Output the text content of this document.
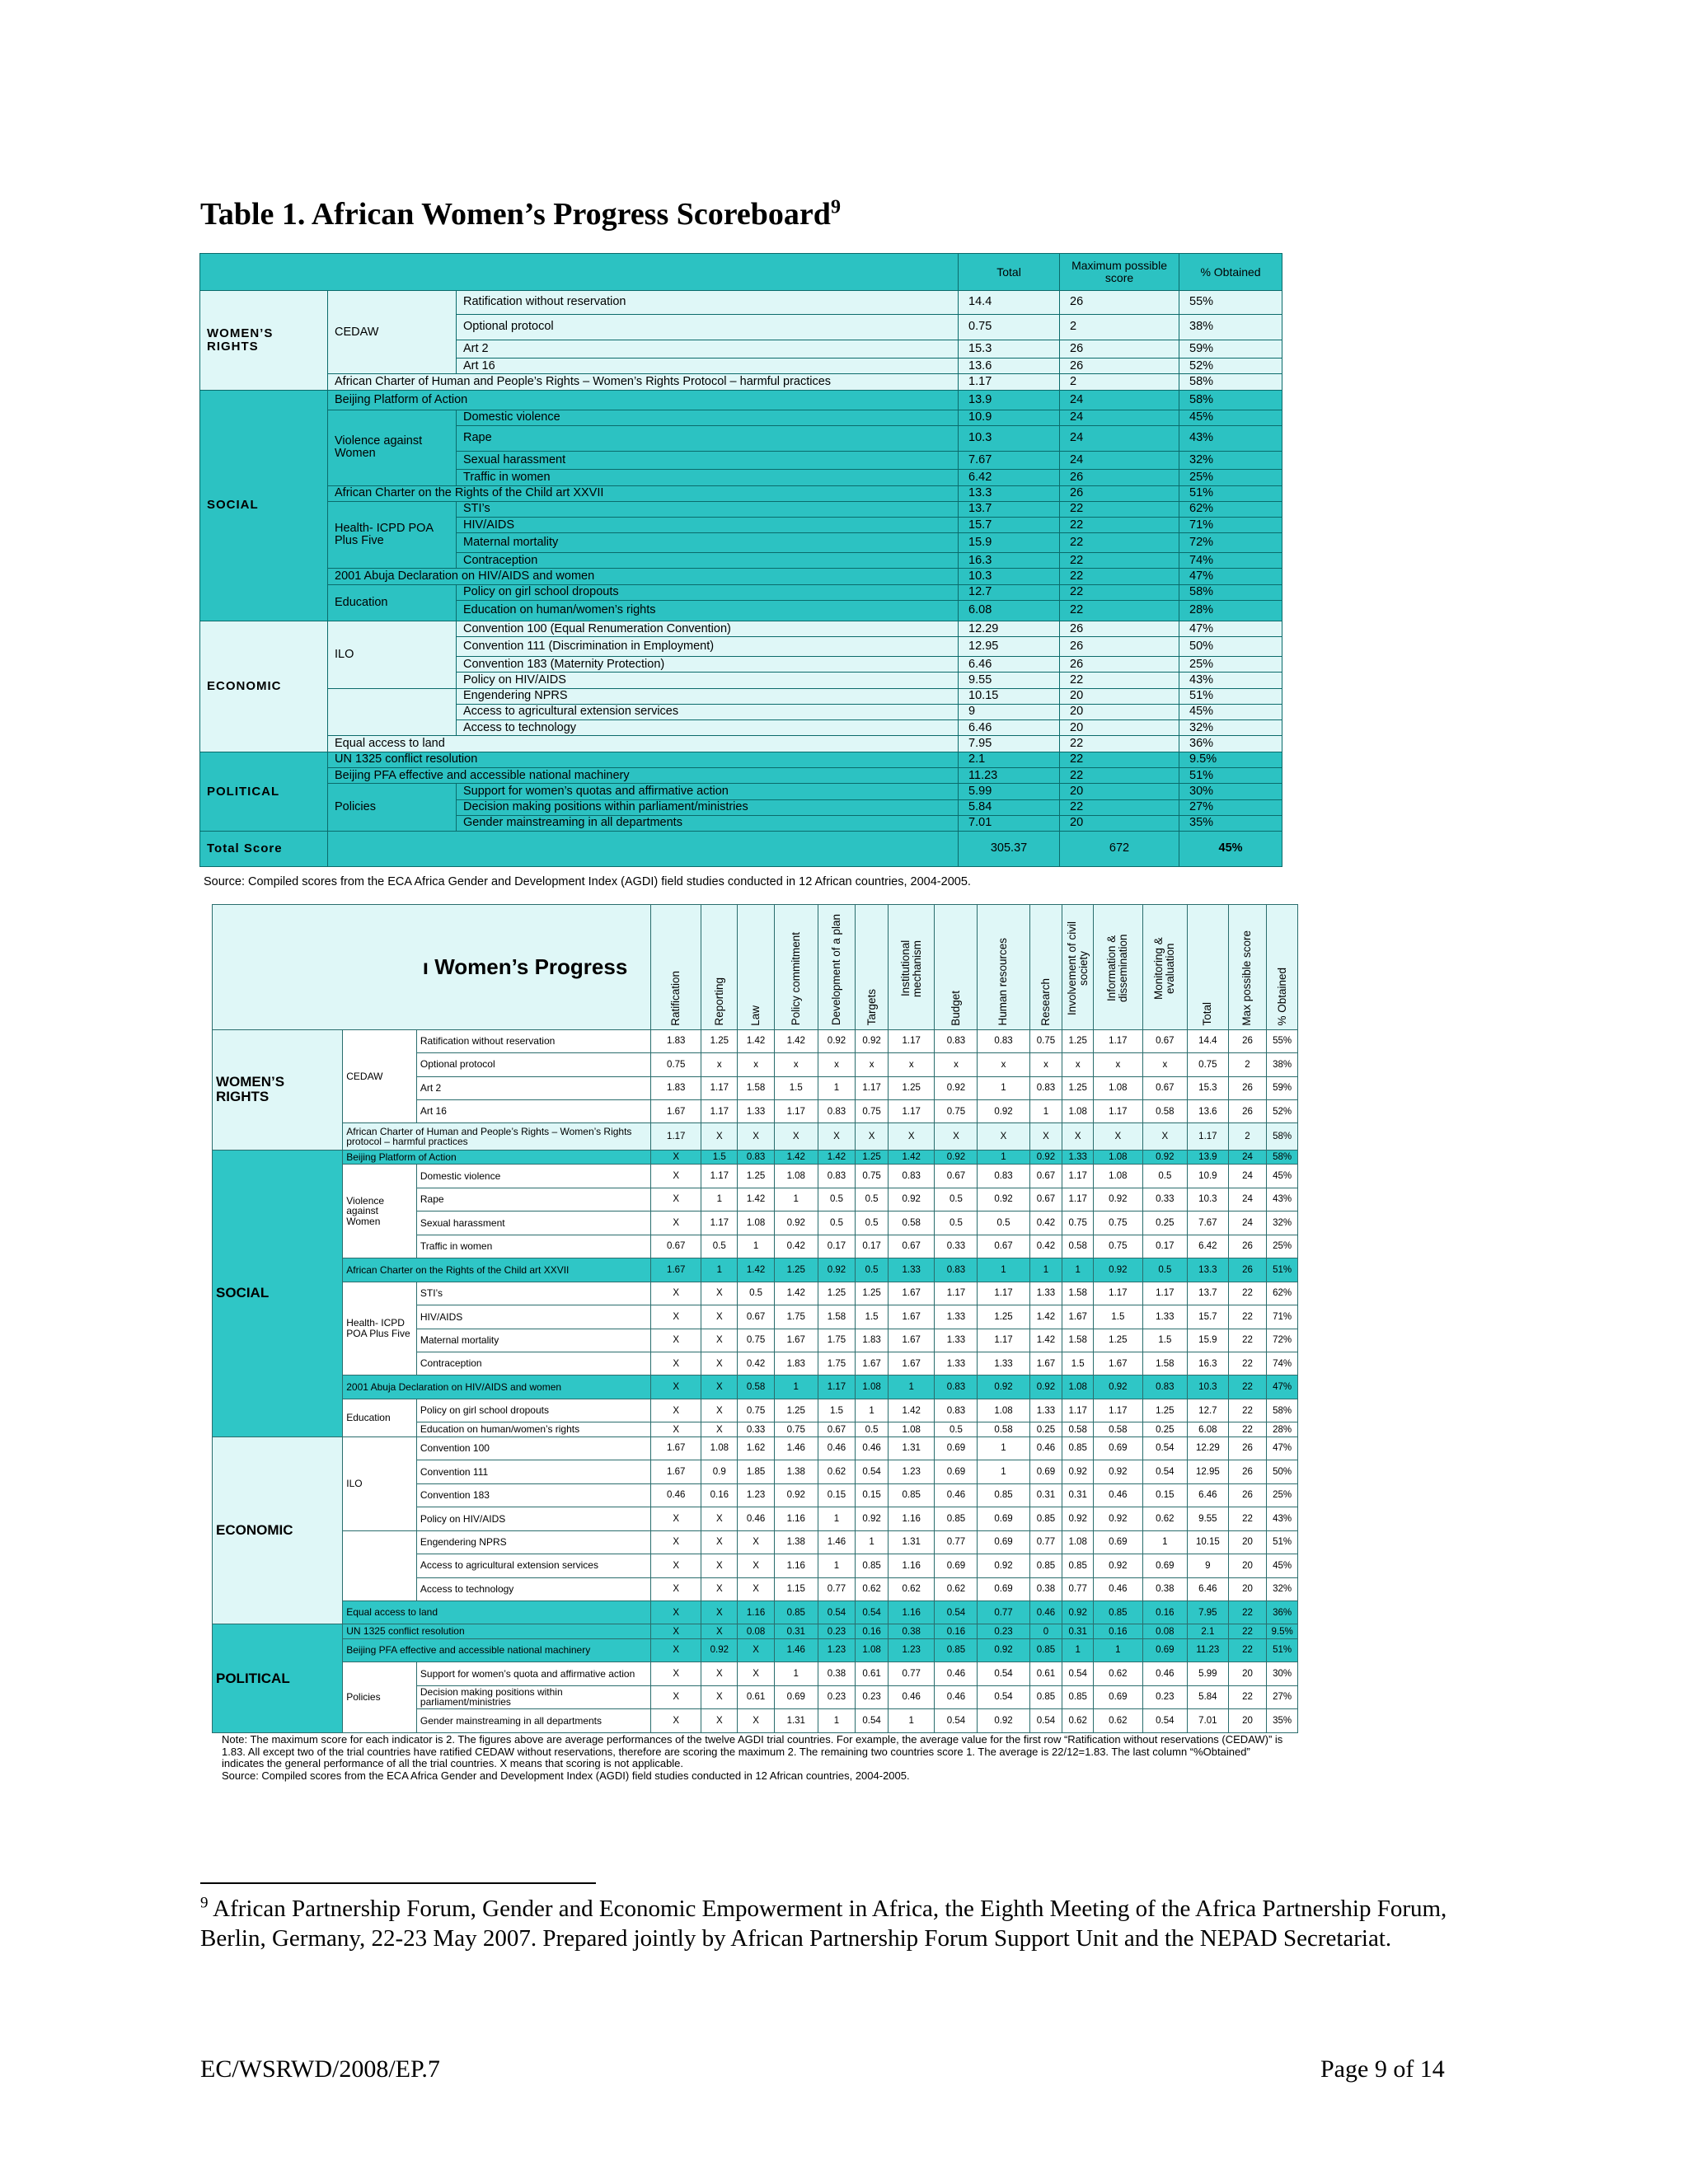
Table 1. African Women’s Progress Scoreboard$^9$
			Total	Maximum possible score	% Obtained
WOMEN’S RIGHTS	CEDAW	Ratification without reservation	14.4	26	55%
		Optional protocol	0.75	2	38%
		Art 2	15.3	26	59%
		Art 16	13.6	26	52%
	African Charter of Human and People’s Rights – Women’s Rights Protocol – harmful practices		1.17	2	58%
SOCIAL	Beijing Platform of Action		13.9	24	58%
	Violence against Women	Domestic violence	10.9	24	45%
		Rape	10.3	24	43%
		Sexual harassment	7.67	24	32%
		Traffic in women	6.42	26	25%
	African Charter on the Rights of the Child art XXVII		13.3	26	51%
	Health- ICPD POA Plus Five	STI’s	13.7	22	62%
		HIV/AIDS	15.7	22	71%
		Maternal mortality	15.9	22	72%
		Contraception	16.3	22	74%
	2001 Abuja Declaration on HIV/AIDS and women		10.3	22	47%
	Education	Policy on girl school dropouts	12.7	22	58%
		Education on human/women’s rights	6.08	22	28%
ECONOMIC	ILO	Convention 100 (Equal Renumeration Convention)	12.29	26	47%
		Convention 111 (Discrimination in Employment)	12.95	26	50%
		Convention 183 (Maternity Protection)	6.46	26	25%
		Policy on HIV/AIDS	9.55	22	43%
		Engendering NPRS	10.15	20	51%
		Access to agricultural extension services	9	20	45%
		Access to technology	6.46	20	32%
	Equal access to land		7.95	22	36%
POLITICAL	UN 1325 conflict resolution		2.1	22	9.5%
	Beijing PFA effective and accessible national machinery		11.23	22	51%
	Policies	Support for women’s quotas and affirmative action	5.99	20	30%
		Decision making positions within parliament/ministries	5.84	22	27%
		Gender mainstreaming in all departments	7.01	20	35%
Total Score			305.37	672	45%
Source: Compiled scores from the ECA Africa Gender and Development Index (AGDI) field studies conducted in 12 African countries, 2004-2005.
ı Women’s Progress			Ratification	Reporting	Law	Policy commitment	Development of a plan	Targets	Institutional mechanism	Budget	Human resources	Research	Involvement of civil society	Information & dissemination	Monitoring & evaluation	Total	Max possible score	% Obtained

WOMEN’S RIGHTS	CEDAW	Ratification without reservation	1.83	1.25	1.42	1.42	0.92	0.92	1.17	0.83	0.83	0.75	1.25	1.17	0.67	14.4	26	55%
		Optional protocol	0.75	x	x	x	x	x	x	x	x	x	x	x	x	0.75	2	38%
		Art 2	1.83	1.17	1.58	1.5	1	1.17	1.25	0.92	1	0.83	1.25	1.08	0.67	15.3	26	59%
		Art 16	1.67	1.17	1.33	1.17	0.83	0.75	1.17	0.75	0.92	1	1.08	1.17	0.58	13.6	26	52%
	African Charter of Human and People’s Rights – Women’s Rights protocol – harmful practices		1.17	X	X	X	X	X	X	X	X	X	X	X	X	1.17	2	58%
SOCIAL	Beijing Platform of Action		X	1.5	0.83	1.42	1.42	1.25	1.42	0.92	1	0.92	1.33	1.08	0.92	13.9	24	58%
	Violence against Women	Domestic violence	X	1.17	1.25	1.08	0.83	0.75	0.83	0.67	0.83	0.67	1.17	1.08	0.5	10.9	24	45%
		Rape	X	1	1.42	1	0.5	0.5	0.92	0.5	0.92	0.67	1.17	0.92	0.33	10.3	24	43%
		Sexual harassment	X	1.17	1.08	0.92	0.5	0.5	0.58	0.5	0.5	0.42	0.75	0.75	0.25	7.67	24	32%
		Traffic in women	0.67	0.5	1	0.42	0.17	0.17	0.67	0.33	0.67	0.42	0.58	0.75	0.17	6.42	26	25%
	African Charter on the Rights of the Child art XXVII		1.67	1	1.42	1.25	0.92	0.5	1.33	0.83	1	1	1	0.92	0.5	13.3	26	51%
	Health- ICPD POA Plus Five	STI’s	X	X	0.5	1.42	1.25	1.25	1.67	1.17	1.17	1.33	1.58	1.17	1.17	13.7	22	62%
		HIV/AIDS	X	X	0.67	1.75	1.58	1.5	1.67	1.33	1.25	1.42	1.67	1.5	1.33	15.7	22	71%
		Maternal mortality	X	X	0.75	1.67	1.75	1.83	1.67	1.33	1.17	1.42	1.58	1.25	1.5	15.9	22	72%
		Contraception	X	X	0.42	1.83	1.75	1.67	1.67	1.33	1.33	1.67	1.5	1.67	1.58	16.3	22	74%
	2001 Abuja Declaration on HIV/AIDS and women		X	X	0.58	1	1.17	1.08	1	0.83	0.92	0.92	1.08	0.92	0.83	10.3	22	47%
	Education	Policy on girl school dropouts	X	X	0.75	1.25	1.5	1	1.42	0.83	1.08	1.33	1.17	1.17	1.25	12.7	22	58%
		Education on human/women’s rights	X	X	0.33	0.75	0.67	0.5	1.08	0.5	0.58	0.25	0.58	0.58	0.25	6.08	22	28%
ECONOMIC	ILO	Convention 100	1.67	1.08	1.62	1.46	0.46	0.46	1.31	0.69	1	0.46	0.85	0.69	0.54	12.29	26	47%
		Convention 111	1.67	0.9	1.85	1.38	0.62	0.54	1.23	0.69	1	0.69	0.92	0.92	0.54	12.95	26	50%
		Convention 183	0.46	0.16	1.23	0.92	0.15	0.15	0.85	0.46	0.85	0.31	0.31	0.46	0.15	6.46	26	25%
		Policy on HIV/AIDS	X	X	0.46	1.16	1	0.92	1.16	0.85	0.69	0.85	0.92	0.92	0.62	9.55	22	43%
		Engendering NPRS	X	X	X	1.38	1.46	1	1.31	0.77	0.69	0.77	1.08	0.69	1	10.15	20	51%
		Access to agricultural extension services	X	X	X	1.16	1	0.85	1.16	0.69	0.92	0.85	0.85	0.92	0.69	9	20	45%
		Access to technology	X	X	X	1.15	0.77	0.62	0.62	0.62	0.69	0.38	0.77	0.46	0.38	6.46	20	32%
	Equal access to land		X	X	1.16	0.85	0.54	0.54	1.16	0.54	0.77	0.46	0.92	0.85	0.16	7.95	22	36%
POLITICAL	UN 1325 conflict resolution		X	X	0.08	0.31	0.23	0.16	0.38	0.16	0.23	0	0.31	0.16	0.08	2.1	22	9.5%
	Beijing PFA effective and accessible national machinery		X	0.92	X	1.46	1.23	1.08	1.23	0.85	0.92	0.85	1	1	0.69	11.23	22	51%
	Policies	Support for women’s quota and affirmative action	X	X	X	1	0.38	0.61	0.77	0.46	0.54	0.61	0.54	0.62	0.46	5.99	20	30%
		Decision making positions within parliament/ministries	X	X	0.61	0.69	0.23	0.23	0.46	0.46	0.54	0.85	0.85	0.69	0.23	5.84	22	27%
		Gender mainstreaming in all departments	X	X	X	1.31	1	0.54	1	0.54	0.92	0.54	0.62	0.62	0.54	7.01	20	35%
Note: The maximum score for each indicator is 2. The figures above are average performances of the twelve AGDI trial countries. For example, the average value for the first row “Ratification without reservations (CEDAW)” is 1.83. All except two of the trial countries have ratified CEDAW without reservations, therefore are scoring the maximum 2. The remaining two countries score 1. The average is 22/12=1.83. The last column “%Obtained” indicates the general performance of all the trial countries. X means that scoring is not applicable.
Source: Compiled scores from the ECA Africa Gender and Development Index (AGDI) field studies conducted in 12 African countries, 2004-2005.
$^9$ African Partnership Forum, Gender and Economic Empowerment in Africa, the Eighth Meeting of the Africa Partnership Forum, Berlin, Germany, 22-23 May 2007. Prepared jointly by African Partnership Forum Support Unit and the NEPAD Secretariat.
EC/WSRWD/2008/EP.7	Page 9 of 14
